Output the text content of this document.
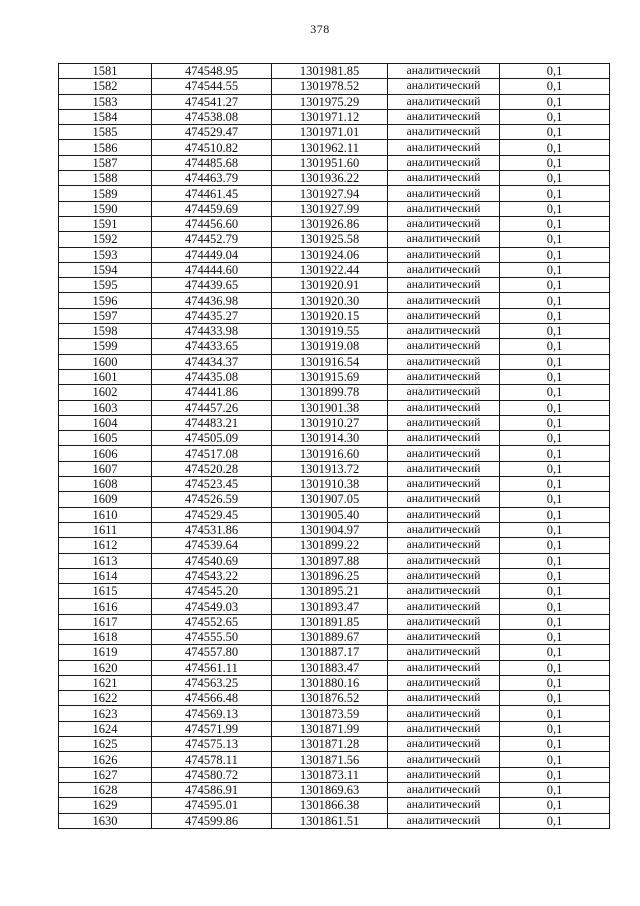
378
1581	474548.95	1301981.85	аналитический	0,1
1582	474544.55	1301978.52	аналитический	0,1
1583	474541.27	1301975.29	аналитический	0,1
1584	474538.08	1301971.12	аналитический	0,1
1585	474529.47	1301971.01	аналитический	0,1
1586	474510.82	1301962.11	аналитический	0,1
1587	474485.68	1301951.60	аналитический	0,1
1588	474463.79	1301936.22	аналитический	0,1
1589	474461.45	1301927.94	аналитический	0,1
1590	474459.69	1301927.99	аналитический	0,1
1591	474456.60	1301926.86	аналитический	0,1
1592	474452.79	1301925.58	аналитический	0,1
1593	474449.04	1301924.06	аналитический	0,1
1594	474444.60	1301922.44	аналитический	0,1
1595	474439.65	1301920.91	аналитический	0,1
1596	474436.98	1301920.30	аналитический	0,1
1597	474435.27	1301920.15	аналитический	0,1
1598	474433.98	1301919.55	аналитический	0,1
1599	474433.65	1301919.08	аналитический	0,1
1600	474434.37	1301916.54	аналитический	0,1
1601	474435.08	1301915.69	аналитический	0,1
1602	474441.86	1301899.78	аналитический	0,1
1603	474457.26	1301901.38	аналитический	0,1
1604	474483.21	1301910.27	аналитический	0,1
1605	474505.09	1301914.30	аналитический	0,1
1606	474517.08	1301916.60	аналитический	0,1
1607	474520.28	1301913.72	аналитический	0,1
1608	474523.45	1301910.38	аналитический	0,1
1609	474526.59	1301907.05	аналитический	0,1
1610	474529.45	1301905.40	аналитический	0,1
1611	474531.86	1301904.97	аналитический	0,1
1612	474539.64	1301899.22	аналитический	0,1
1613	474540.69	1301897.88	аналитический	0,1
1614	474543.22	1301896.25	аналитический	0,1
1615	474545.20	1301895.21	аналитический	0,1
1616	474549.03	1301893.47	аналитический	0,1
1617	474552.65	1301891.85	аналитический	0,1
1618	474555.50	1301889.67	аналитический	0,1
1619	474557.80	1301887.17	аналитический	0,1
1620	474561.11	1301883.47	аналитический	0,1
1621	474563.25	1301880.16	аналитический	0,1
1622	474566.48	1301876.52	аналитический	0,1
1623	474569.13	1301873.59	аналитический	0,1
1624	474571.99	1301871.99	аналитический	0,1
1625	474575.13	1301871.28	аналитический	0,1
1626	474578.11	1301871.56	аналитический	0,1
1627	474580.72	1301873.11	аналитический	0,1
1628	474586.91	1301869.63	аналитический	0,1
1629	474595.01	1301866.38	аналитический	0,1
1630	474599.86	1301861.51	аналитический	0,1
